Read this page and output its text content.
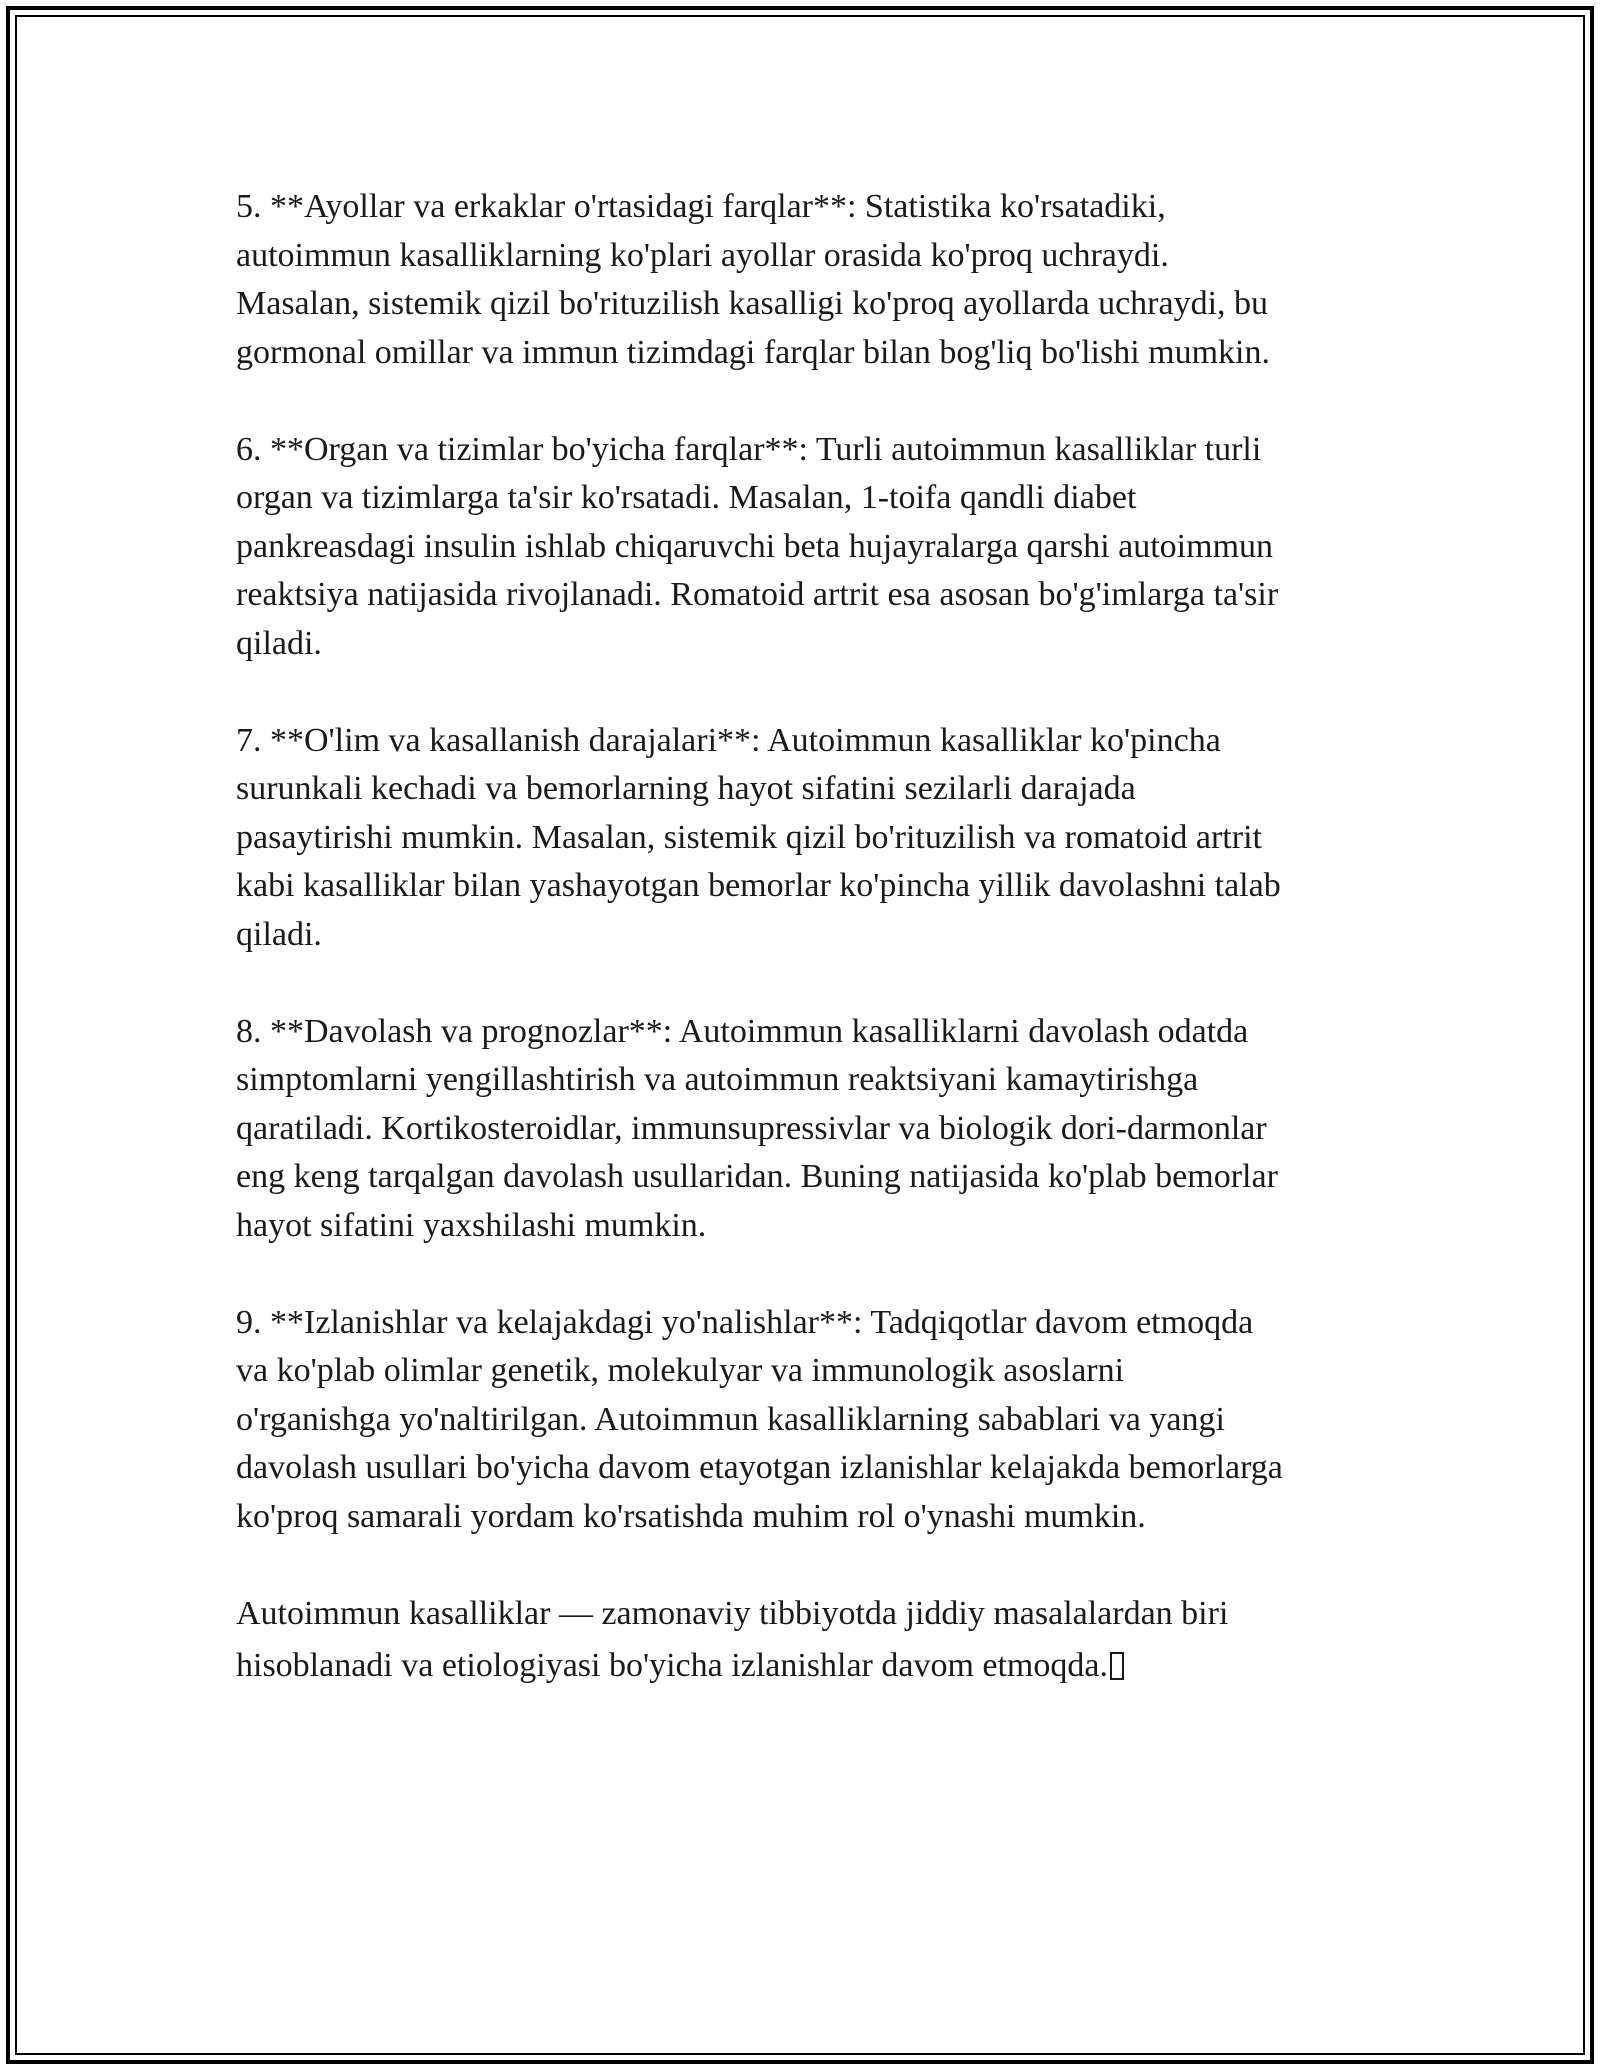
5. **Ayollar va erkaklar o'rtasidagi farqlar**: Statistika ko'rsatadiki,
autoimmun kasalliklarning ko'plari ayollar orasida ko'proq uchraydi.
Masalan, sistemik qizil bo'rituzilish kasalligi ko'proq ayollarda uchraydi, bu
gormonal omillar va immun tizimdagi farqlar bilan bog'liq bo'lishi mumkin.
6. **Organ va tizimlar bo'yicha farqlar**: Turli autoimmun kasalliklar turli
organ va tizimlarga ta'sir ko'rsatadi. Masalan, 1-toifa qandli diabet
pankreasdagi insulin ishlab chiqaruvchi beta hujayralarga qarshi autoimmun
reaktsiya natijasida rivojlanadi. Romatoid artrit esa asosan bo'g'imlarga ta'sir
qiladi.
7. **O'lim va kasallanish darajalari**: Autoimmun kasalliklar ko'pincha
surunkali kechadi va bemorlarning hayot sifatini sezilarli darajada
pasaytirishi mumkin. Masalan, sistemik qizil bo'rituzilish va romatoid artrit
kabi kasalliklar bilan yashayotgan bemorlar ko'pincha yillik davolashni talab
qiladi.
8. **Davolash va prognozlar**: Autoimmun kasalliklarni davolash odatda
simptomlarni yengillashtirish va autoimmun reaktsiyani kamaytirishga
qaratiladi. Kortikosteroidlar, immunsupressivlar va biologik dori-darmonlar
eng keng tarqalgan davolash usullaridan. Buning natijasida ko'plab bemorlar
hayot sifatini yaxshilashi mumkin.
9. **Izlanishlar va kelajakdagi yo'nalishlar**: Tadqiqotlar davom etmoqda
va ko'plab olimlar genetik, molekulyar va immunologik asoslarni
o'rganishga yo'naltirilgan. Autoimmun kasalliklarning sabablari va yangi
davolash usullari bo'yicha davom etayotgan izlanishlar kelajakda bemorlarga
ko'proq samarali yordam ko'rsatishda muhim rol o'ynashi mumkin.
Autoimmun kasalliklar — zamonaviy tibbiyotda jiddiy masalalardan biri
hisoblanadi va etiologiyasi bo'yicha izlanishlar davom etmoqda.
